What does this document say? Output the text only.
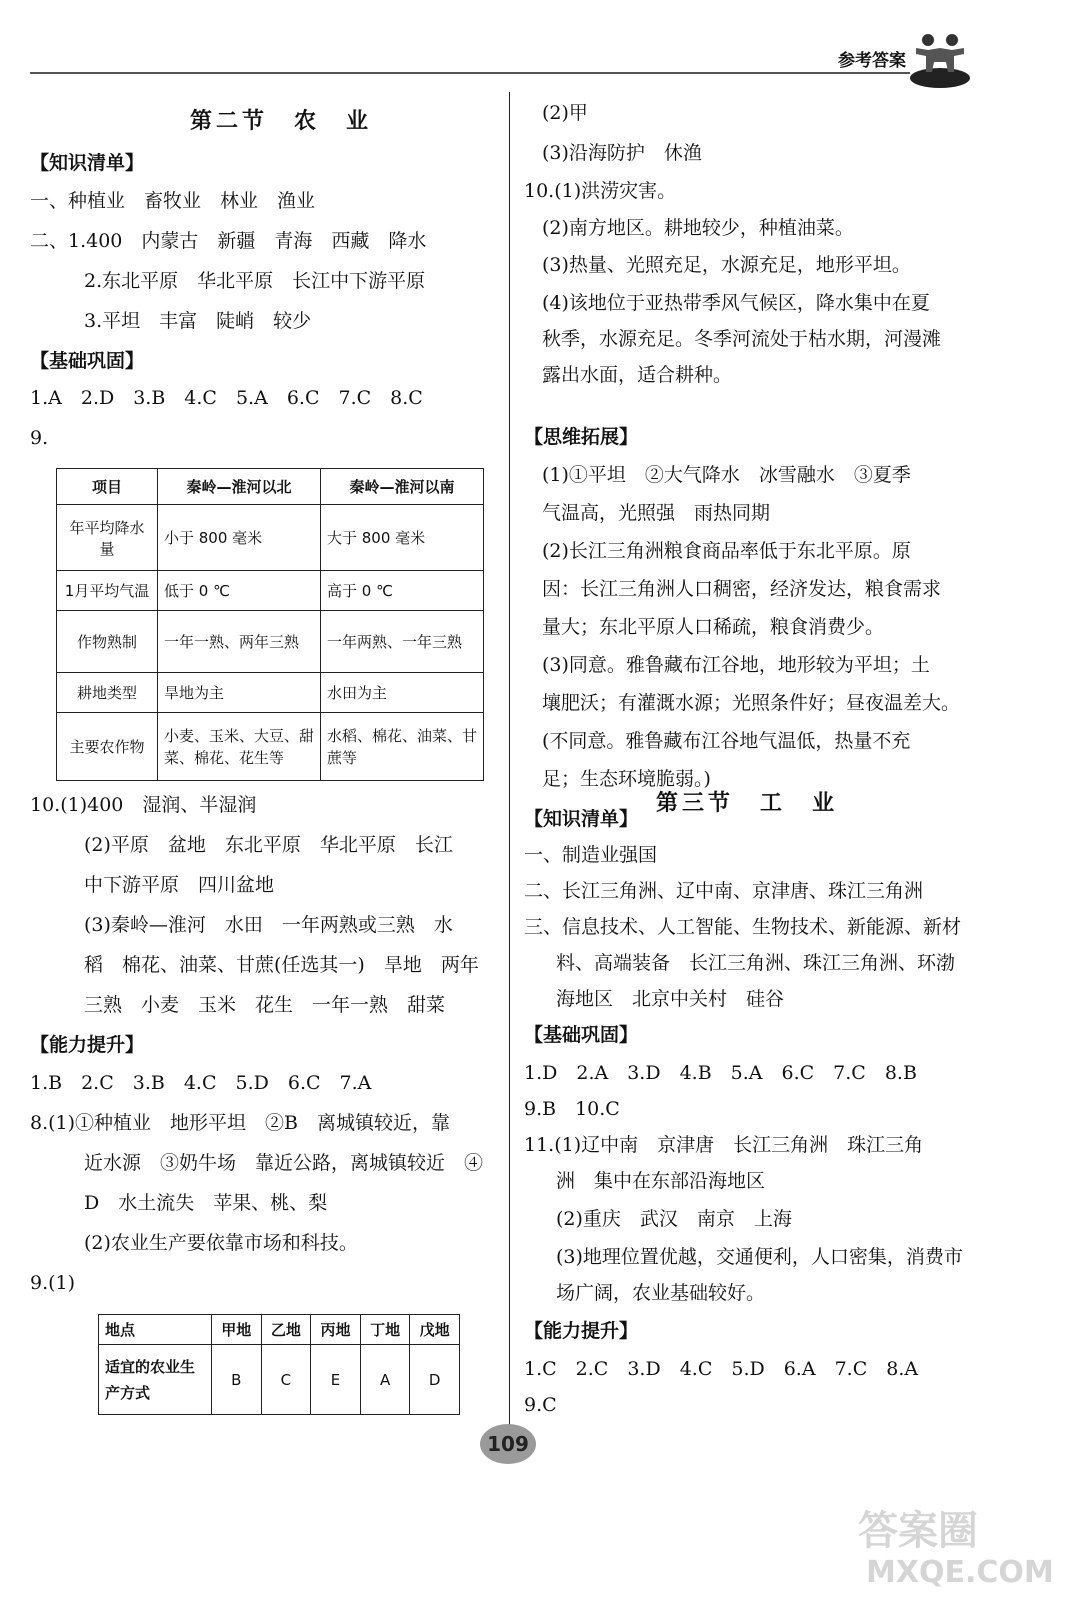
参考答案
第二节　农　业
【知识清单】
一、种植业　畜牧业　林业　渔业
二、1.400　内蒙古　新疆　青海　西藏　降水
2.东北平原　华北平原　长江中下游平原
3.平坦　丰富　陡峭　较少
【基础巩固】
1.A　2.D　3.B　4.C　5.A　6.C　7.C　8.C
9.
项目	秦岭—淮河以北	秦岭—淮河以南
年平均降水量	小于 800 毫米	大于 800 毫米
1月平均气温	低于 0 ℃	高于 0 ℃
作物熟制	一年一熟、两年三熟	一年两熟、一年三熟
耕地类型	旱地为主	水田为主
主要农作物	小麦、玉米、大豆、甜菜、棉花、花生等	水稻、棉花、油菜、甘蔗等
10.(1)400　湿润、半湿润
(2)平原　盆地　东北平原　华北平原　长江
中下游平原　四川盆地
(3)秦岭—淮河　水田　一年两熟或三熟　水
稻　棉花、油菜、甘蔗(任选其一)　旱地　两年
三熟　小麦　玉米　花生　一年一熟　甜菜
【能力提升】
1.B　2.C　3.B　4.C　5.D　6.C　7.A
8.(1)①种植业　地形平坦　②B　离城镇较近，靠
近水源　③奶牛场　靠近公路，离城镇较近　④
D　水土流失　苹果、桃、梨
(2)农业生产要依靠市场和科技。
9.(1)
地点	甲地	乙地	丙地	丁地	戊地
适宜的农业生产方式	B	C	E	A	D
(2)甲
(3)沿海防护　休渔
10.(1)洪涝灾害。
(2)南方地区。耕地较少，种植油菜。
(3)热量、光照充足，水源充足，地形平坦。
(4)该地位于亚热带季风气候区，降水集中在夏
秋季，水源充足。冬季河流处于枯水期，河漫滩
露出水面，适合耕种。
【思维拓展】
(1)①平坦　②大气降水　冰雪融水　③夏季
气温高，光照强　雨热同期
(2)长江三角洲粮食商品率低于东北平原。原
因：长江三角洲人口稠密，经济发达，粮食需求
量大；东北平原人口稀疏，粮食消费少。
(3)同意。雅鲁藏布江谷地，地形较为平坦；土
壤肥沃；有灌溉水源；光照条件好；昼夜温差大。
(不同意。雅鲁藏布江谷地气温低，热量不充
足；生态环境脆弱。)
第三节　工　业
【知识清单】
一、制造业强国
二、长江三角洲、辽中南、京津唐、珠江三角洲
三、信息技术、人工智能、生物技术、新能源、新材
料、高端装备　长江三角洲、珠江三角洲、环渤
海地区　北京中关村　硅谷
【基础巩固】
1.D　2.A　3.D　4.B　5.A　6.C　7.C　8.B
9.B　10.C
11.(1)辽中南　京津唐　长江三角洲　珠江三角
洲　集中在东部沿海地区
(2)重庆　武汉　南京　上海
(3)地理位置优越，交通便利，人口密集，消费市
场广阔，农业基础较好。
【能力提升】
1.C　2.C　3.D　4.C　5.D　6.A　7.C　8.A
9.C
109
答案圈
MXQE.COM
